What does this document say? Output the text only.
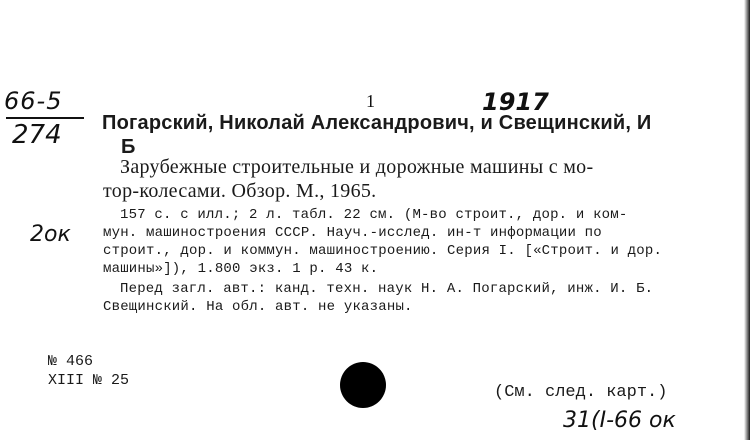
66-5
274
2ок
1	1917
Погарский, Николай Александрович, и Свещинский, И
Б
Зарубежные строительные и дорожные машины с мо-
тор-колесами. Обзор. М., 1965.
157 с. с илл.; 2 л. табл. 22 см. (М-во строит., дор. и ком-
мун. машиностроения СССР. Науч.-исслед. ин-т информации по
строит., дор. и коммун. машиностроению. Серия I. [«Строит. и дор.
машины»]), 1.800 экз. 1 р. 43 к.
Перед загл. авт.: канд. техн. наук Н. А. Погарский, инж. И. Б.
Свещинский. На обл. авт. не указаны.
№ 466
XIII № 25
(См. след. карт.)
31(I-66 ок
